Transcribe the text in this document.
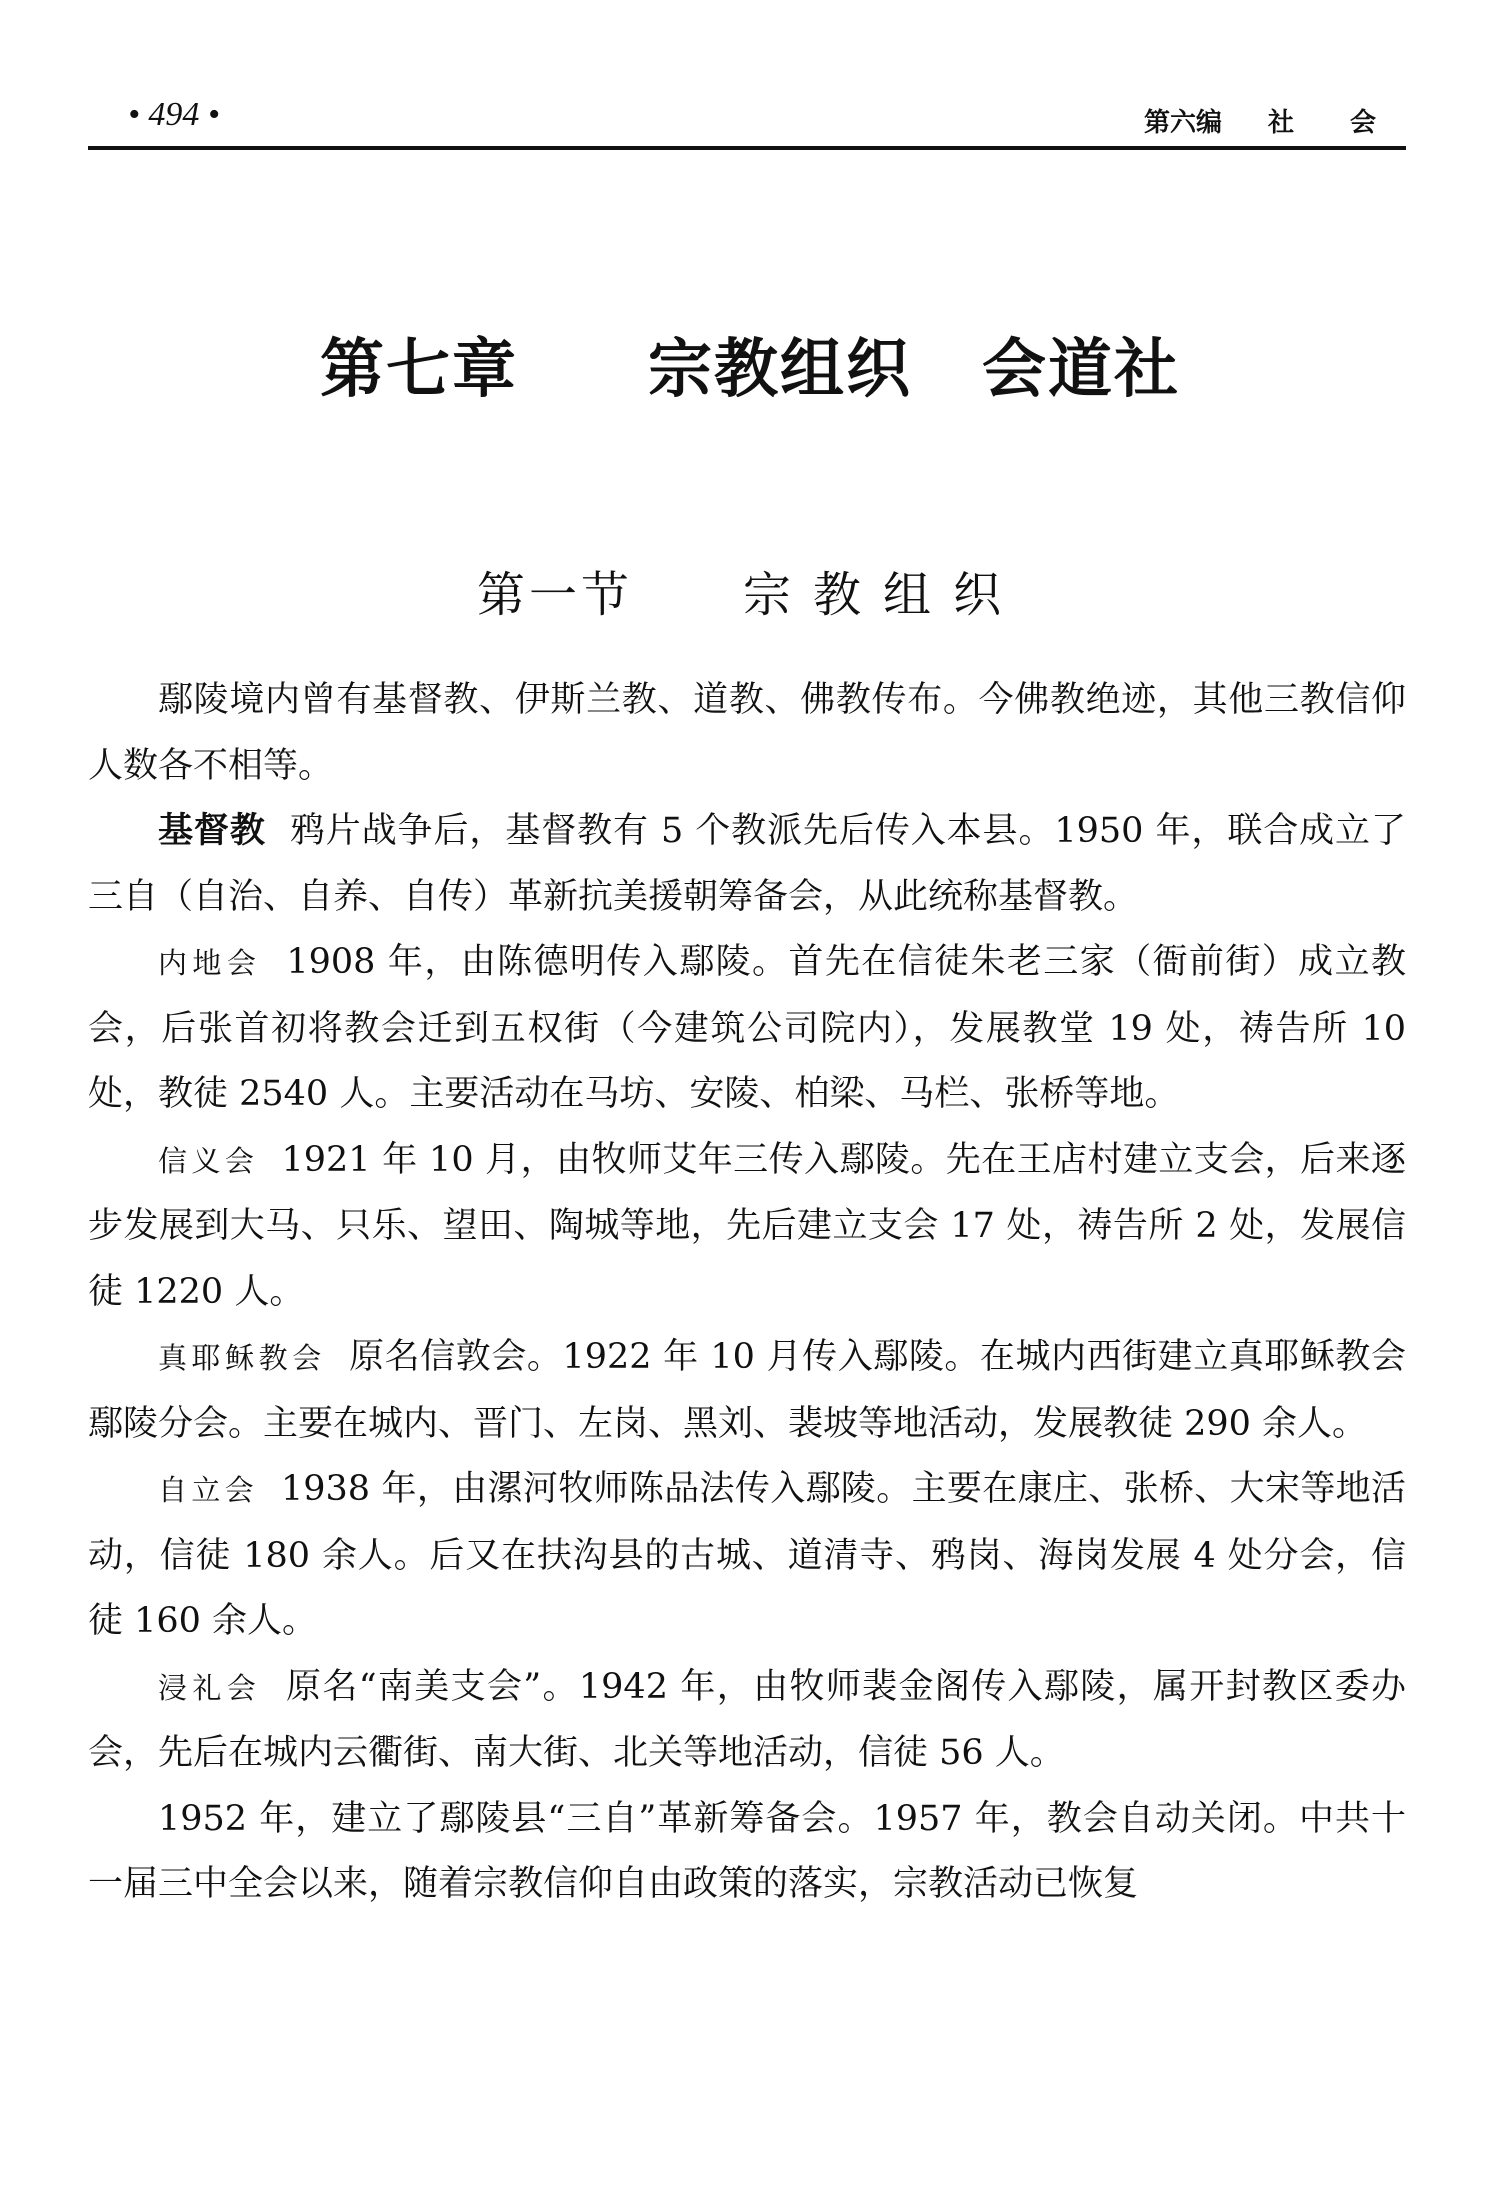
• 494 •	第六编 社 会
第七章 宗教组织 会道社
第一节 宗教组织

鄢陵境内曾有基督教、伊斯兰教、道教、佛教传布。今佛教绝迹，其他三教信仰人数各不相等。

基督教 鸦片战争后，基督教有 5 个教派先后传入本县。1950 年，联合成立了三自（自治、自养、自传）革新抗美援朝筹备会，从此统称基督教。

内地会 1908 年，由陈德明传入鄢陵。首先在信徒朱老三家（衙前街）成立教会，后张首初将教会迁到五权街（今建筑公司院内），发展教堂 19 处，祷告所 10 处，教徒 2540 人。主要活动在马坊、安陵、柏梁、马栏、张桥等地。

信义会 1921 年 10 月，由牧师艾年三传入鄢陵。先在王店村建立支会，后来逐步发展到大马、只乐、望田、陶城等地，先后建立支会 17 处，祷告所 2 处，发展信徒 1220 人。

真耶稣教会 原名信敦会。1922 年 10 月传入鄢陵。在城内西街建立真耶稣教会鄢陵分会。主要在城内、晋门、左岗、黑刘、裴坡等地活动，发展教徒 290 余人。

自立会 1938 年，由漯河牧师陈品法传入鄢陵。主要在康庄、张桥、大宋等地活动，信徒 180 余人。后又在扶沟县的古城、道清寺、鸦岗、海岗发展 4 处分会，信徒 160 余人。

浸礼会 原名“南美支会”。1942 年，由牧师裴金阁传入鄢陵，属开封教区委办会，先后在城内云衢街、南大街、北关等地活动，信徒 56 人。

1952 年，建立了鄢陵县“三自”革新筹备会。1957 年，教会自动关闭。中共十一届三中全会以来，随着宗教信仰自由政策的落实，宗教活动已恢复
